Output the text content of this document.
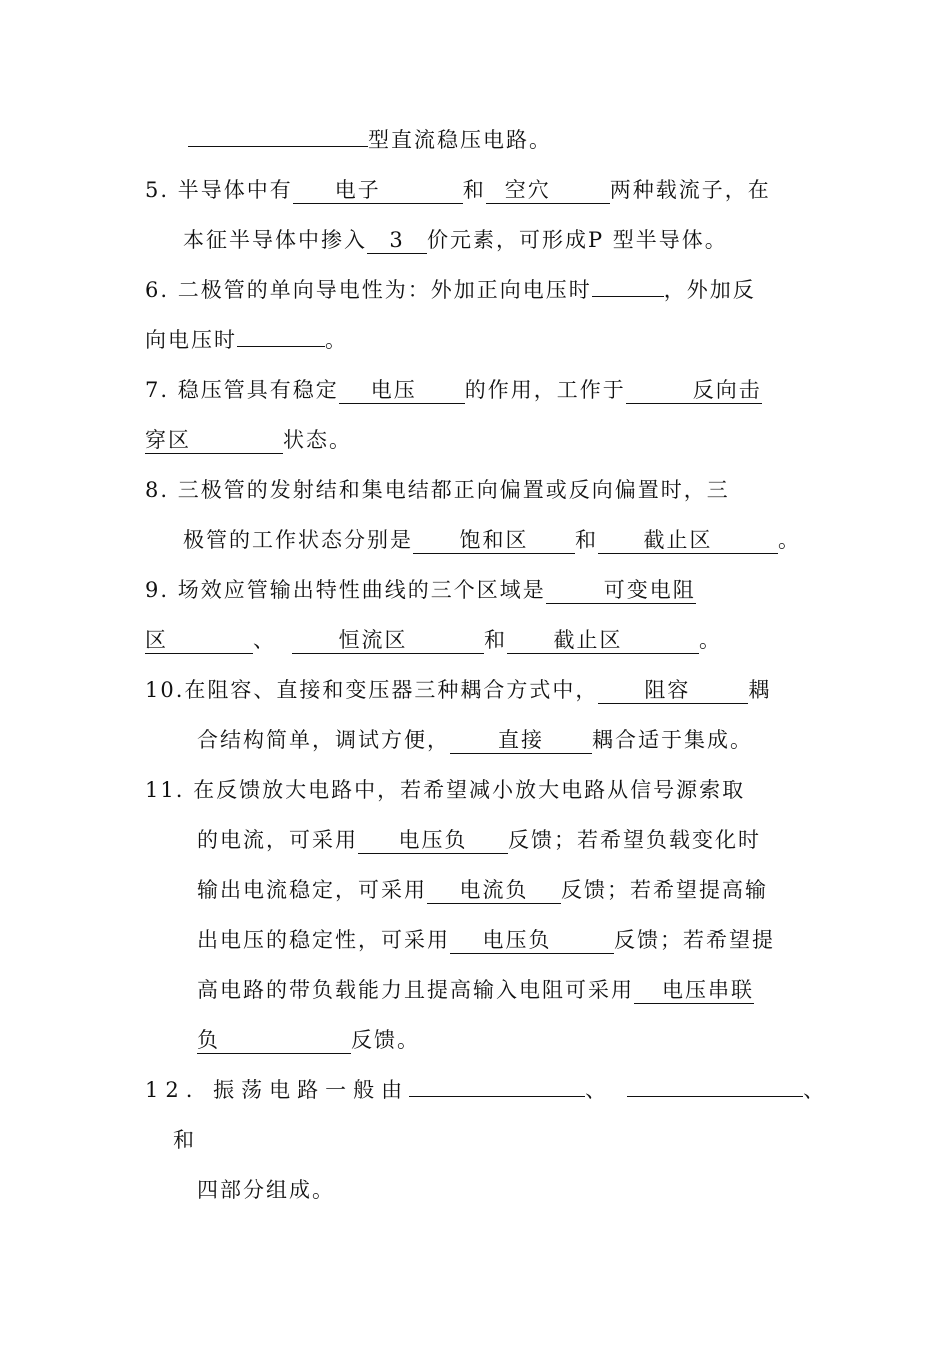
型直流稳压电路。
5. 半导体中有 电子	和 空穴	两种载流子，在
本征半导体中掺入 3 价元素，可形成P 型半导体。
6. 二极管的单向导电性为：外加正向电压时	，外加反
向电压时	。
7. 稳压管具有稳定 电压 的作用，工作于	反向击
穿区	状态。
8. 三极管的发射结和集电结都正向偏置或反向偏置时，三
极管的工作状态分别是 饱和区 和 截止区	。
9. 场效应管输出特性曲线的三个区域是	可变电阻
区	、	恒流区	和 截止区	。
10.在阻容、直接和变压器三种耦合方式中， 阻容	耦
合结构简单，调试方便， 直接 耦合适于集成。
11. 在反馈放大电路中，若希望减小放大电路从信号源索取
的电流，可采用 电压负 反馈；若希望负载变化时
输出电流稳定，可采用 电流负 反馈；若希望提高输
出电压的稳定性，可采用 电压负	反馈；若希望提
高电路的带负载能力且提高输入电阻可采用 电压串联
负	反馈。
12. 振荡电路一般由	、	、
和
四部分组成。
